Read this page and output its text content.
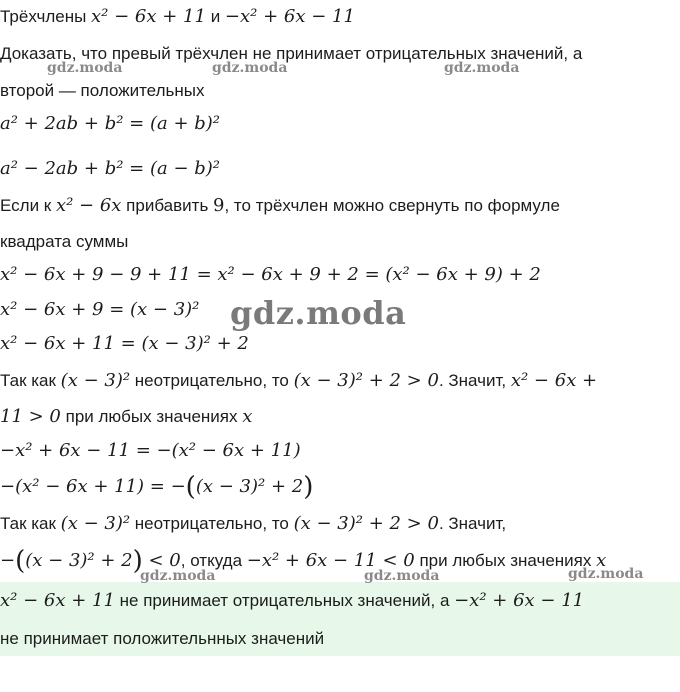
Трёхчлены x² − 6x + 11 и −x² + 6x − 11
Доказать, что превый трёхчлен не принимает отрицательных значений, а
второй — положительных
a² + 2ab + b² = (a + b)²
a² − 2ab + b² = (a − b)²
Если к x² − 6x прибавить 9, то трёхчлен можно свернуть по формуле
квадрата суммы
x² − 6x + 9 − 9 + 11 = x² − 6x + 9 + 2 = (x² − 6x + 9) + 2
x² − 6x + 9 = (x − 3)²
x² − 6x + 11 = (x − 3)² + 2
Так как (x − 3)² неотрицательно, то (x − 3)² + 2 > 0. Значит, x² − 6x +
11 > 0 при любых значениях x
−x² + 6x − 11 = −(x² − 6x + 11)
−(x² − 6x + 11) = −((x − 3)² + 2)
Так как (x − 3)² неотрицательно, то (x − 3)² + 2 > 0. Значит,
−((x − 3)² + 2) < 0, откуда −x² + 6x − 11 < 0 при любых значениях x
x² − 6x + 11 не принимает отрицательных значений, а −x² + 6x − 11
не принимает положительнных значений
gdz.moda	gdz.moda	gdz.moda
gdz.moda
gdz.moda	gdz.moda	gdz.moda
